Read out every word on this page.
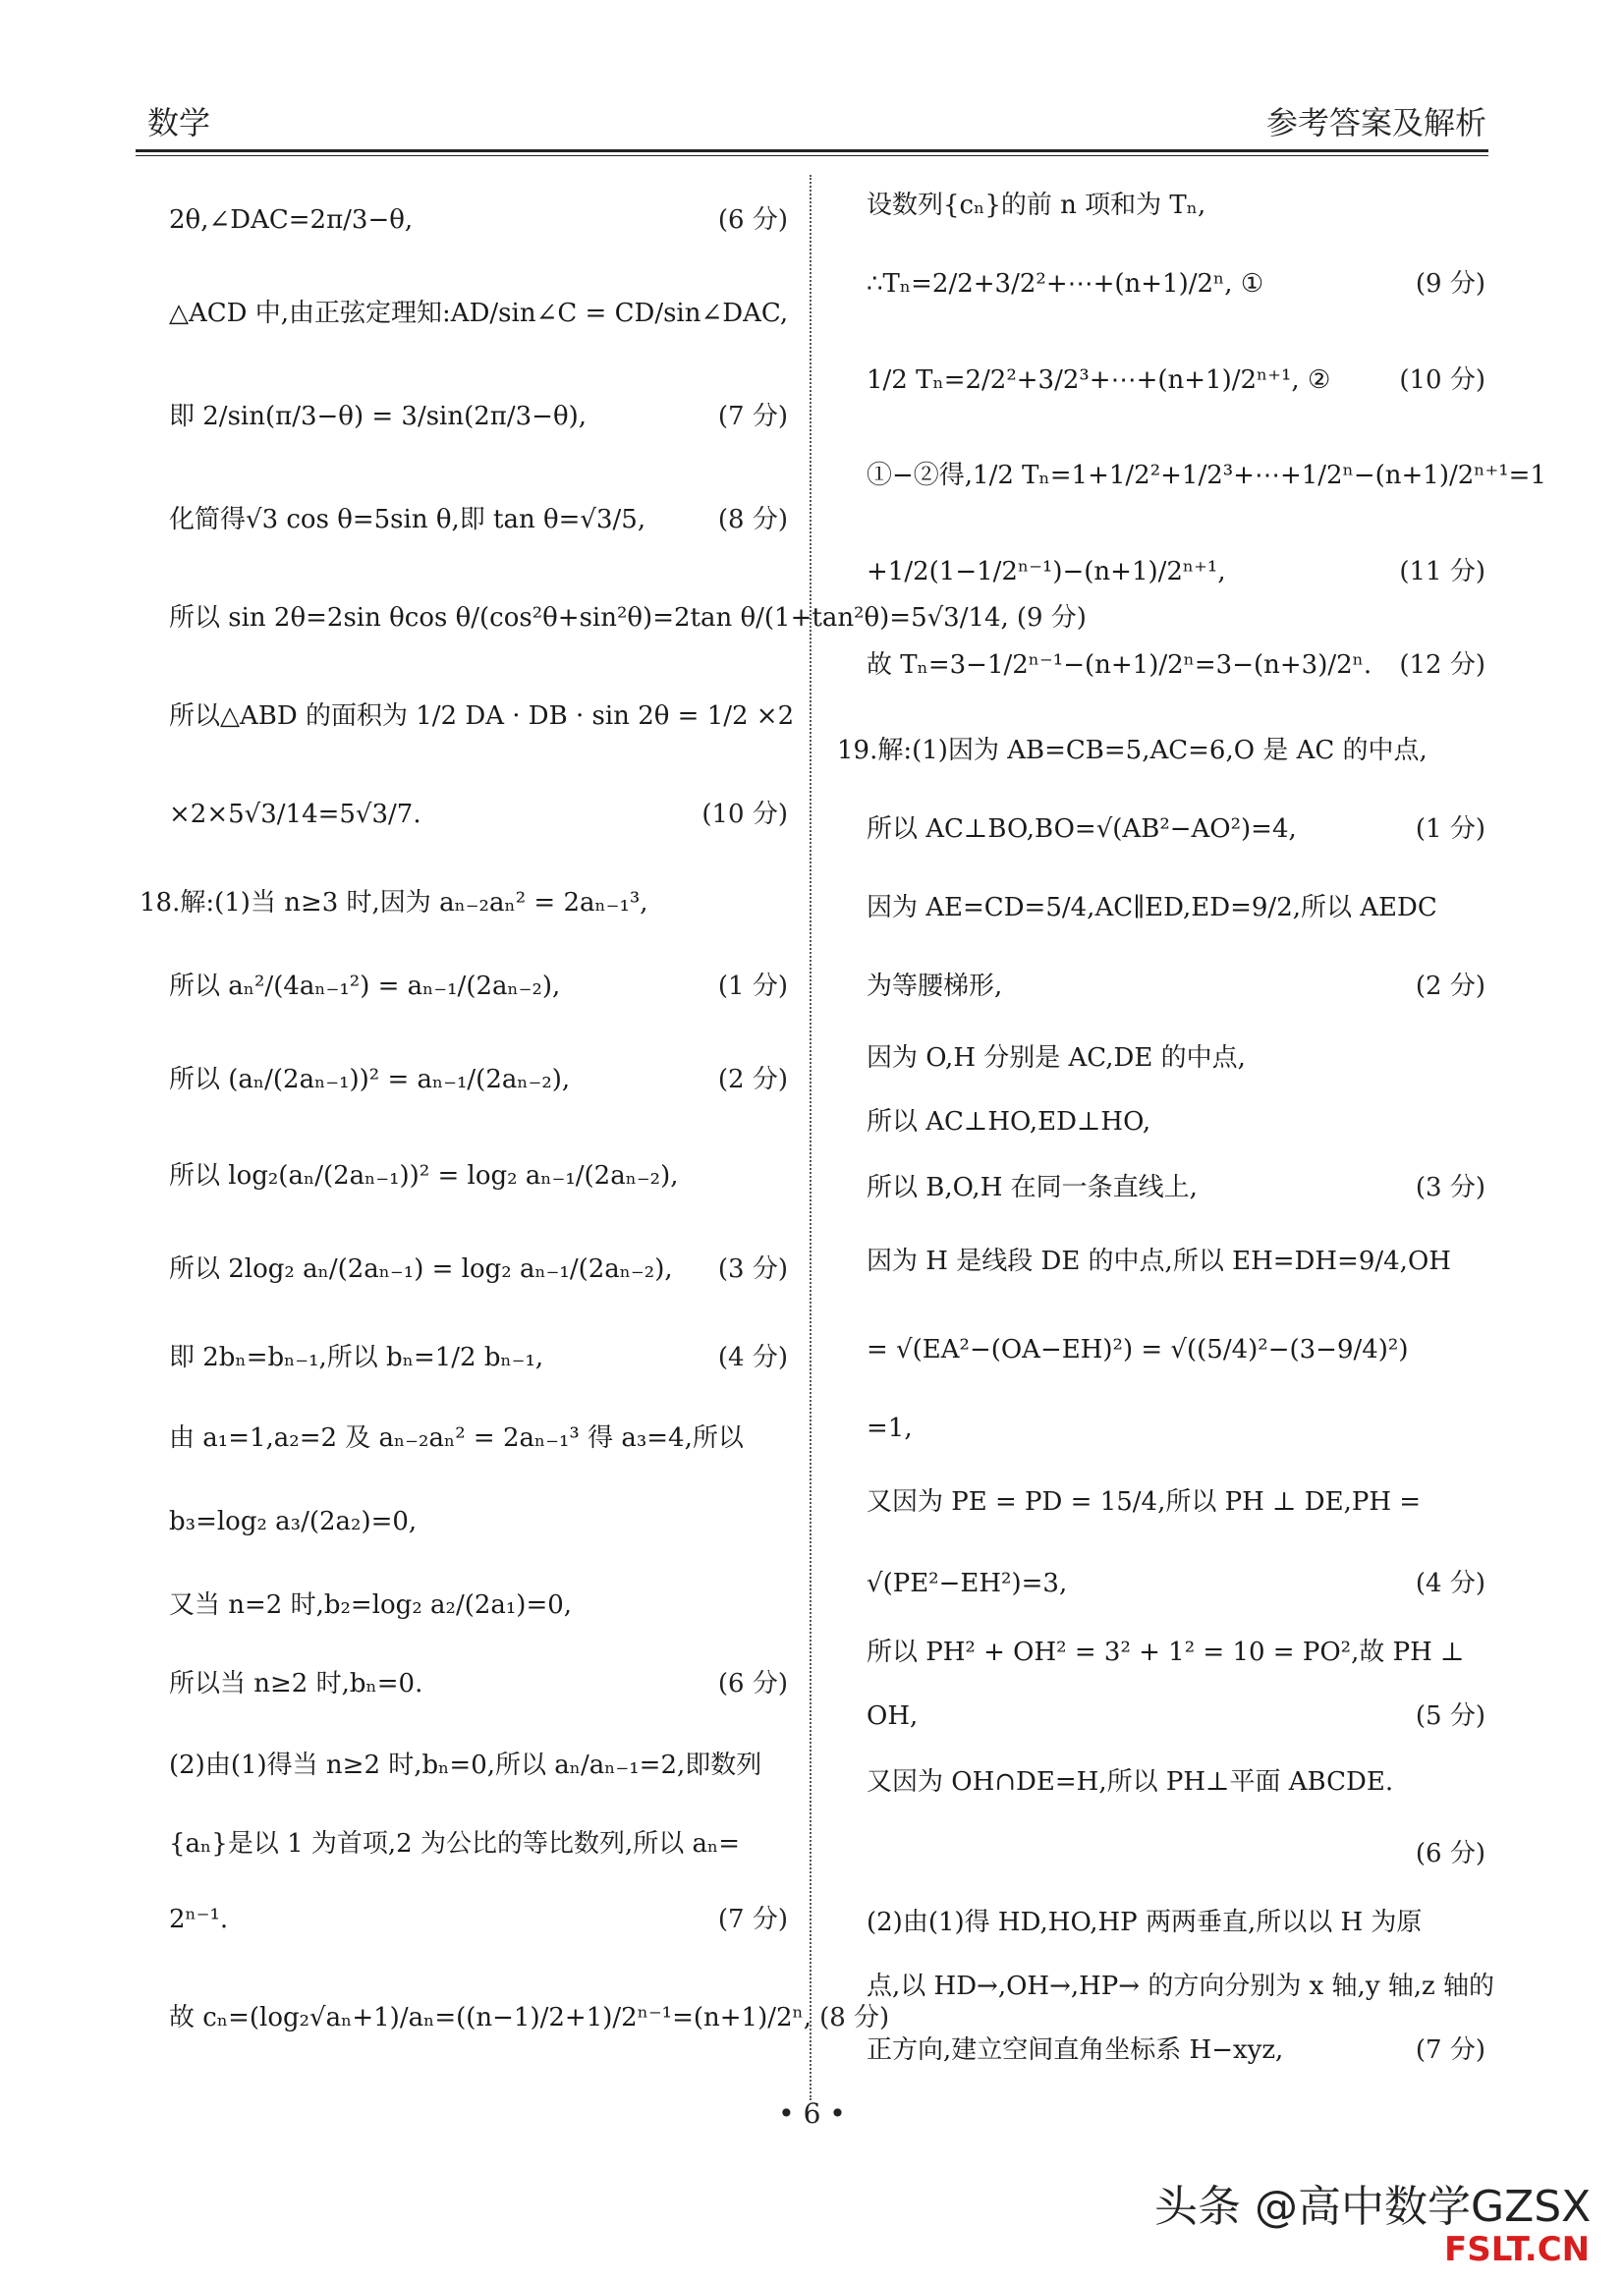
数学	参考答案及解析
2θ,∠DAC=2π/3−θ,	(6 分)
△ACD 中,由正弦定理知:AD/sin∠C = CD/sin∠DAC,
即 2/sin(π/3−θ) = 3/sin(2π/3−θ),	(7 分)
化简得√3 cos θ=5sin θ,即 tan θ=√3/5,	(8 分)
所以 sin 2θ=2sin θcos θ/(cos²θ+sin²θ)=2tan θ/(1+tan²θ)=5√3/14, (9 分)
所以△ABD 的面积为 1/2 DA · DB · sin 2θ = 1/2 ×2
×2×5√3/14=5√3/7.	(10 分)
18.解:(1)当 n≥3 时,因为 aₙ₋₂aₙ² = 2aₙ₋₁³,
所以 aₙ²/(4aₙ₋₁²) = aₙ₋₁/(2aₙ₋₂),	(1 分)
所以 (aₙ/(2aₙ₋₁))² = aₙ₋₁/(2aₙ₋₂),	(2 分)
所以 log₂(aₙ/(2aₙ₋₁))² = log₂ aₙ₋₁/(2aₙ₋₂),
所以 2log₂ aₙ/(2aₙ₋₁) = log₂ aₙ₋₁/(2aₙ₋₂), (3 分)
即 2bₙ=bₙ₋₁,所以 bₙ=1/2 bₙ₋₁,	(4 分)
由 a₁=1,a₂=2 及 aₙ₋₂aₙ² = 2aₙ₋₁³ 得 a₃=4,所以
b₃=log₂ a₃/(2a₂)=0,
又当 n=2 时,b₂=log₂ a₂/(2a₁)=0,
所以当 n≥2 时,bₙ=0.	(6 分)
(2)由(1)得当 n≥2 时,bₙ=0,所以 aₙ/aₙ₋₁=2,即数列
{aₙ}是以 1 为首项,2 为公比的等比数列,所以 aₙ=
2ⁿ⁻¹.	(7 分)
故 cₙ=(log₂√aₙ+1)/aₙ=((n−1)/2+1)/2ⁿ⁻¹=(n+1)/2ⁿ, (8 分)
设数列{cₙ}的前 n 项和为 Tₙ,
∴Tₙ=2/2+3/2²+⋯+(n+1)/2ⁿ, ①	(9 分)
1/2 Tₙ=2/2²+3/2³+⋯+(n+1)/2ⁿ⁺¹, ②	(10 分)
①−②得,1/2 Tₙ=1+1/2²+1/2³+⋯+1/2ⁿ−(n+1)/2ⁿ⁺¹=1
+1/2(1−1/2ⁿ⁻¹)−(n+1)/2ⁿ⁺¹,	(11 分)
故 Tₙ=3−1/2ⁿ⁻¹−(n+1)/2ⁿ=3−(n+3)/2ⁿ. (12 分)
19.解:(1)因为 AB=CB=5,AC=6,O 是 AC 的中点,
所以 AC⊥BO,BO=√(AB²−AO²)=4,	(1 分)
因为 AE=CD=5/4,AC∥ED,ED=9/2,所以 AEDC
为等腰梯形,	(2 分)
因为 O,H 分别是 AC,DE 的中点,
所以 AC⊥HO,ED⊥HO,
所以 B,O,H 在同一条直线上,	(3 分)
因为 H 是线段 DE 的中点,所以 EH=DH=9/4,OH
= √(EA²−(OA−EH)²) = √((5/4)²−(3−9/4)²)
=1,
又因为 PE = PD = 15/4,所以 PH ⊥ DE,PH =
√(PE²−EH²)=3,	(4 分)
所以 PH² + OH² = 3² + 1² = 10 = PO²,故 PH ⊥
OH,	(5 分)
又因为 OH∩DE=H,所以 PH⊥平面 ABCDE.
(6 分)
(2)由(1)得 HD,HO,HP 两两垂直,所以以 H 为原
点,以 HD→,OH→,HP→ 的方向分别为 x 轴,y 轴,z 轴的
正方向,建立空间直角坐标系 H−xyz,	(7 分)
• 6 •
头条 @高中数学GZSX
FSLT.CN
